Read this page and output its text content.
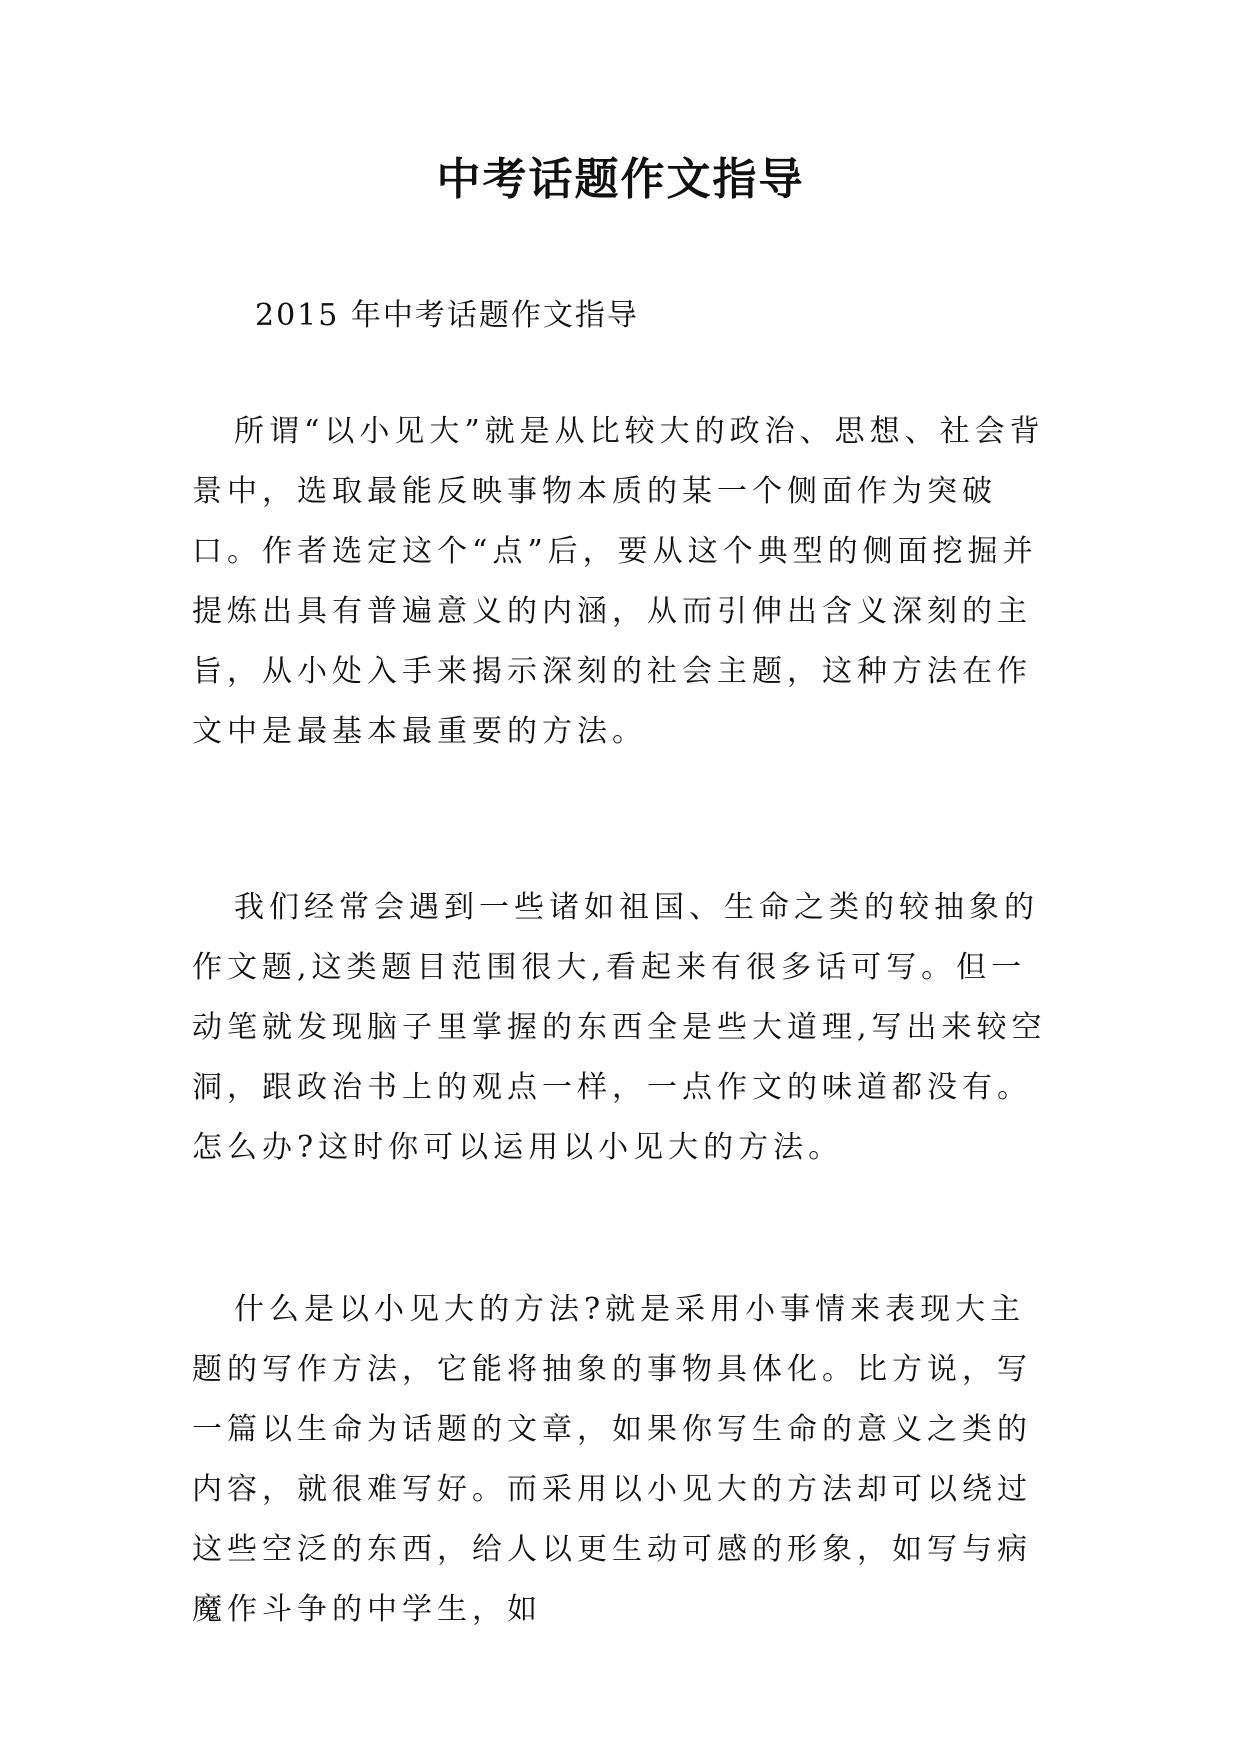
中考话题作文指导

2015 年中考话题作文指导

所谓“以小见大”就是从比较大的政治、思想、社会背景中，选取最能反映事物本质的某一个侧面作为突破口。作者选定这个“点”后，要从这个典型的侧面挖掘并提炼出具有普遍意义的内涵，从而引伸出含义深刻的主旨，从小处入手来揭示深刻的社会主题，这种方法在作文中是最基本最重要的方法。

我们经常会遇到一些诸如祖国、生命之类的较抽象的作文题,这类题目范围很大,看起来有很多话可写。但一动笔就发现脑子里掌握的东西全是些大道理,写出来较空洞，跟政治书上的观点一样，一点作文的味道都没有。怎么办?这时你可以运用以小见大的方法。

什么是以小见大的方法?就是采用小事情来表现大主题的写作方法，它能将抽象的事物具体化。比方说，写一篇以生命为话题的文章，如果你写生命的意义之类的内容，就很难写好。而采用以小见大的方法却可以绕过这些空泛的东西，给人以更生动可感的形象，如写与病魔作斗争的中学生，如
